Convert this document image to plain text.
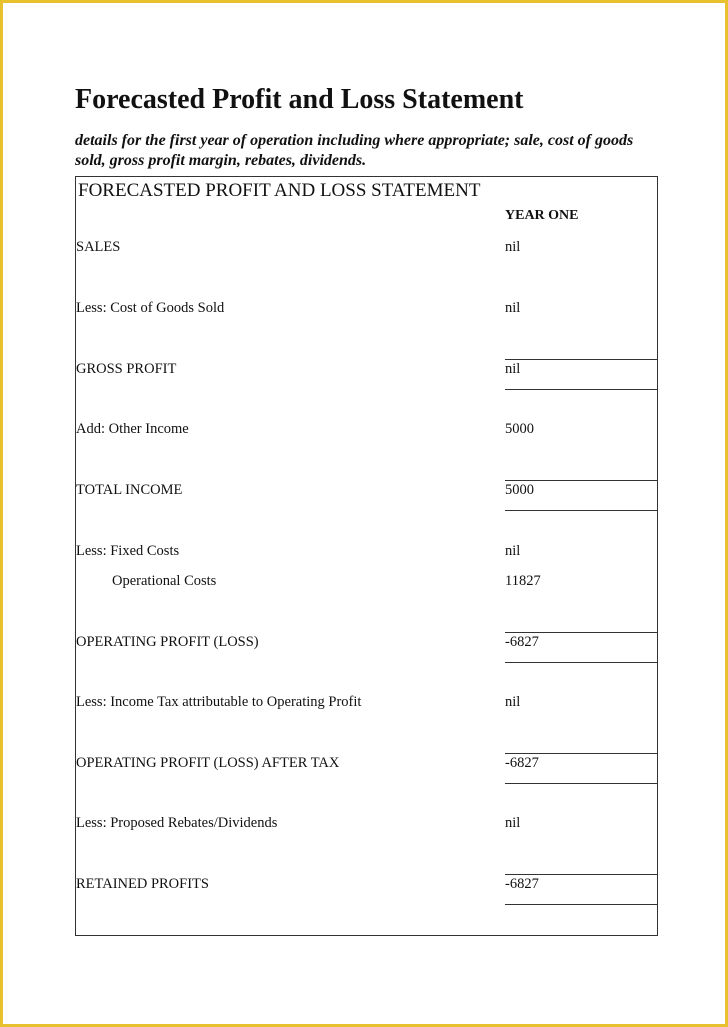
Forecasted Profit and Loss Statement

details for the first year of operation including where appropriate; sale, cost of goods sold, gross profit margin, rebates, dividends.

FORECASTED PROFIT AND LOSS STATEMENT
YEAR ONE
SALES	nil
Less: Cost of Goods Sold	nil
GROSS PROFIT	nil
Add: Other Income	5000
TOTAL INCOME	5000
Less: Fixed Costs	nil
Operational Costs	11827
OPERATING PROFIT (LOSS)	-6827
Less: Income Tax attributable to Operating Profit	nil
OPERATING PROFIT (LOSS) AFTER TAX	-6827
Less: Proposed Rebates/Dividends	nil
RETAINED PROFITS	-6827
